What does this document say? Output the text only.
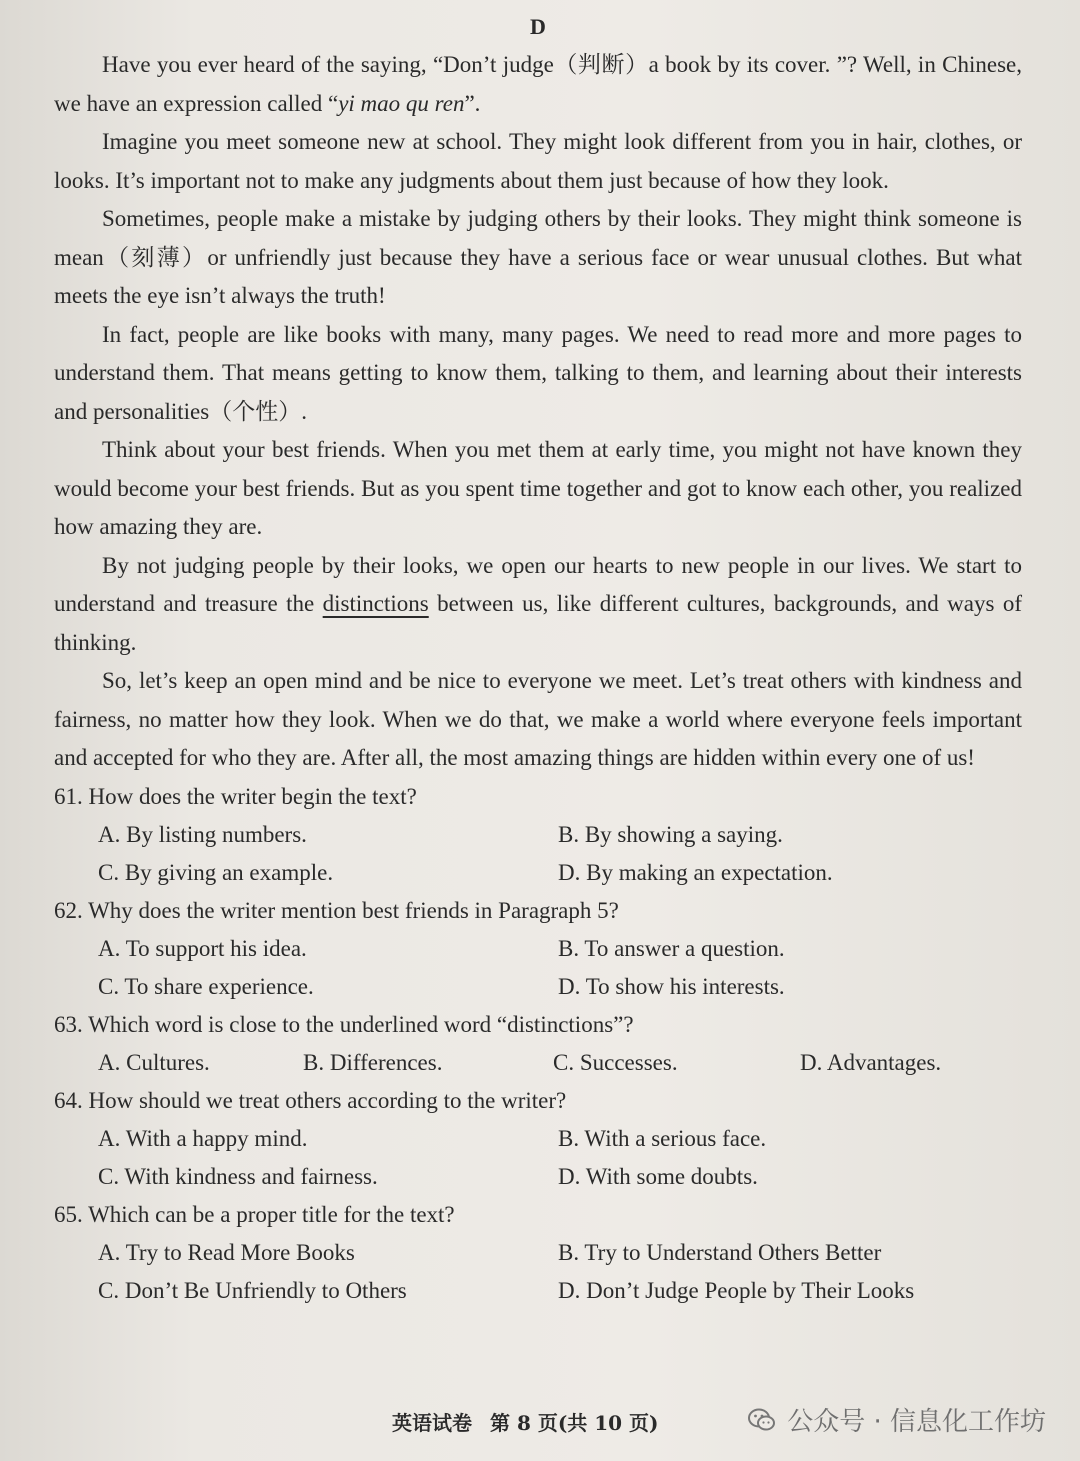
D

Have you ever heard of the saying, “Don’t judge（判断）a book by its cover. ”? Well, in Chinese, we have an expression called “yi mao qu ren”.

Imagine you meet someone new at school. They might look different from you in hair, clothes, or looks. It’s important not to make any judgments about them just because of how they look.

Sometimes, people make a mistake by judging others by their looks. They might think someone is mean（刻薄）or unfriendly just because they have a serious face or wear unusual clothes. But what meets the eye isn’t always the truth!

In fact, people are like books with many, many pages. We need to read more and more pages to understand them. That means getting to know them, talking to them, and learning about their interests and personalities（个性）.

Think about your best friends. When you met them at early time, you might not have known they would become your best friends. But as you spent time together and got to know each other, you realized how amazing they are.

By not judging people by their looks, we open our hearts to new people in our lives. We start to understand and treasure the distinctions between us, like different cultures, backgrounds, and ways of thinking.

So, let’s keep an open mind and be nice to everyone we meet. Let’s treat others with kindness and fairness, no matter how they look. When we do that, we make a world where everyone feels important and accepted for who they are. After all, the most amazing things are hidden within every one of us!

61. How does the writer begin the text?

A. By listing numbers.	B. By showing a saying.

C. By giving an example.	D. By making an expectation.

62. Why does the writer mention best friends in Paragraph 5?

A. To support his idea.	B. To answer a question.

C. To share experience.	D. To show his interests.

63. Which word is close to the underlined word “distinctions”?

A. Cultures.	B. Differences.	C. Successes.	D. Advantages.

64. How should we treat others according to the writer?

A. With a happy mind.	B. With a serious face.

C. With kindness and fairness.	D. With some doubts.

65. Which can be a proper title for the text?

A. Try to Read More Books	B. Try to Understand Others Better

C. Don’t Be Unfriendly to Others	D. Don’t Judge People by Their Looks

英语试卷 第 8 页(共 10 页)	公众号 · 信息化工作坊
